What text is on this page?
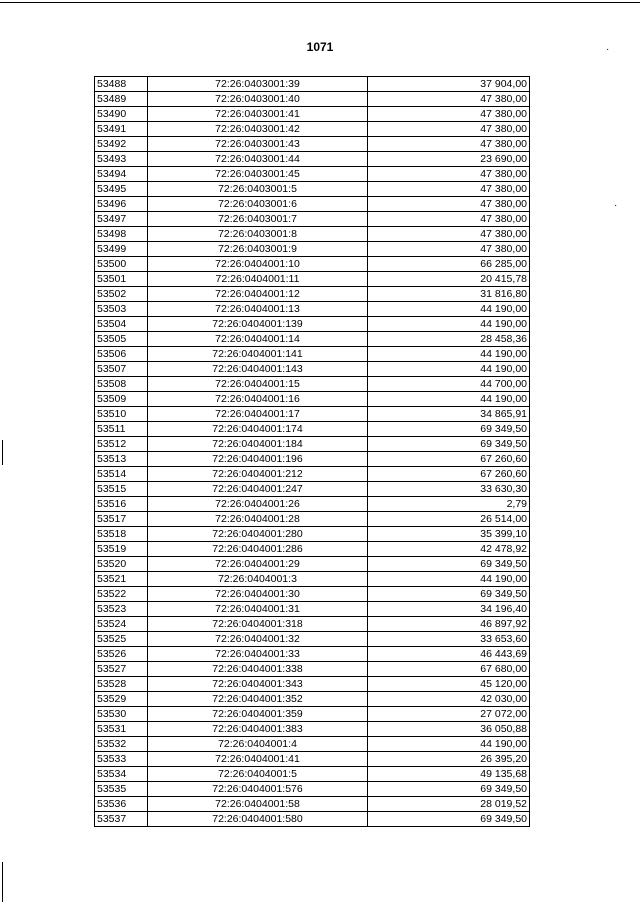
·
·
1071
53488	72:26:0403001:39	37 904,00
53489	72:26:0403001:40	47 380,00
53490	72:26:0403001:41	47 380,00
53491	72:26:0403001:42	47 380,00
53492	72:26:0403001:43	47 380,00
53493	72:26:0403001:44	23 690,00
53494	72:26:0403001:45	47 380,00
53495	72:26:0403001:5	47 380,00
53496	72:26:0403001:6	47 380,00
53497	72:26:0403001:7	47 380,00
53498	72:26:0403001:8	47 380,00
53499	72:26:0403001:9	47 380,00
53500	72:26:0404001:10	66 285,00
53501	72:26:0404001:11	20 415,78
53502	72:26:0404001:12	31 816,80
53503	72:26:0404001:13	44 190,00
53504	72:26:0404001:139	44 190,00
53505	72:26:0404001:14	28 458,36
53506	72:26:0404001:141	44 190,00
53507	72:26:0404001:143	44 190,00
53508	72:26:0404001:15	44 700,00
53509	72:26:0404001:16	44 190,00
53510	72:26:0404001:17	34 865,91
53511	72:26:0404001:174	69 349,50
53512	72:26:0404001:184	69 349,50
53513	72:26:0404001:196	67 260,60
53514	72:26:0404001:212	67 260,60
53515	72:26:0404001:247	33 630,30
53516	72:26:0404001:26	2,79
53517	72:26:0404001:28	26 514,00
53518	72:26:0404001:280	35 399,10
53519	72:26:0404001:286	42 478,92
53520	72:26:0404001:29	69 349,50
53521	72:26:0404001:3	44 190,00
53522	72:26:0404001:30	69 349,50
53523	72:26:0404001:31	34 196,40
53524	72:26:0404001:318	46 897,92
53525	72:26:0404001:32	33 653,60
53526	72:26:0404001:33	46 443,69
53527	72:26:0404001:338	67 680,00
53528	72:26:0404001:343	45 120,00
53529	72:26:0404001:352	42 030,00
53530	72:26:0404001:359	27 072,00
53531	72:26:0404001:383	36 050,88
53532	72:26:0404001:4	44 190,00
53533	72:26:0404001:41	26 395,20
53534	72:26:0404001:5	49 135,68
53535	72:26:0404001:576	69 349,50
53536	72:26:0404001:58	28 019,52
53537	72:26:0404001:580	69 349,50
